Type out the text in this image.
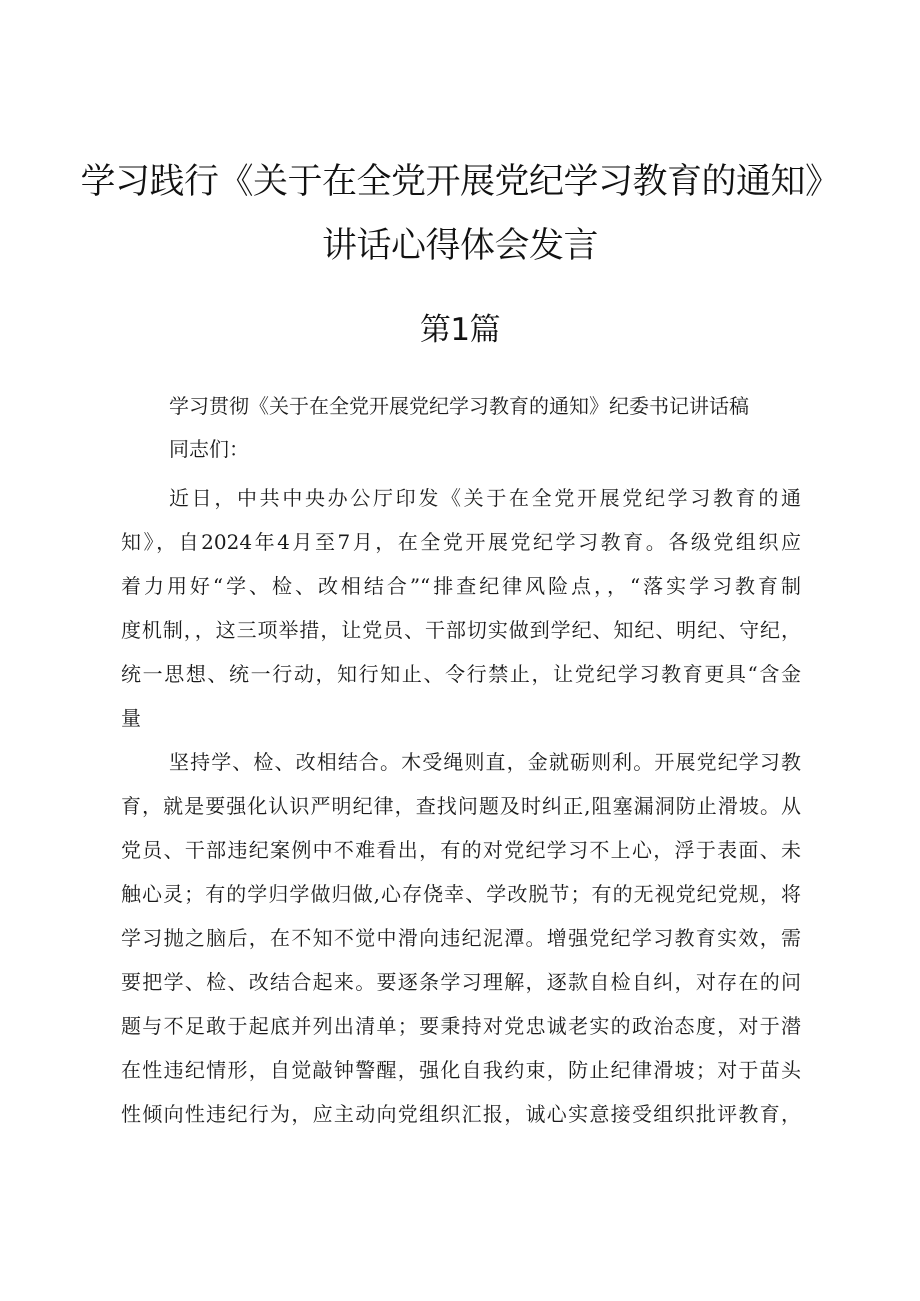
学习践行《关于在全党开展党纪学习教育的通知》
讲话心得体会发言
第1篇
学习贯彻《关于在全党开展党纪学习教育的通知》纪委书记讲话稿
同志们：
近日，中共中央办公厅印发《关于在全党开展党纪学习教育的通
知》，自2024年4月至7月，在全党开展党纪学习教育。各级党组织应
着力用好“学、检、改相结合”“排查纪律风险点，，“落实学习教育制
度机制，，这三项举措，让党员、干部切实做到学纪、知纪、明纪、守纪，
统一思想、统一行动，知行知止、令行禁止，让党纪学习教育更具“含金
量
坚持学、检、改相结合。木受绳则直，金就砺则利。开展党纪学习教
育，就是要强化认识严明纪律，查找问题及时纠正,阻塞漏洞防止滑坡。从
党员、干部违纪案例中不难看出，有的对党纪学习不上心，浮于表面、未
触心灵；有的学归学做归做,心存侥幸、学改脱节；有的无视党纪党规，将
学习抛之脑后，在不知不觉中滑向违纪泥潭。增强党纪学习教育实效，需
要把学、检、改结合起来。要逐条学习理解，逐款自检自纠，对存在的问
题与不足敢于起底并列出清单；要秉持对党忠诚老实的政治态度，对于潜
在性违纪情形，自觉敲钟警醒，强化自我约束，防止纪律滑坡；对于苗头
性倾向性违纪行为，应主动向党组织汇报，诚心实意接受组织批评教育，
